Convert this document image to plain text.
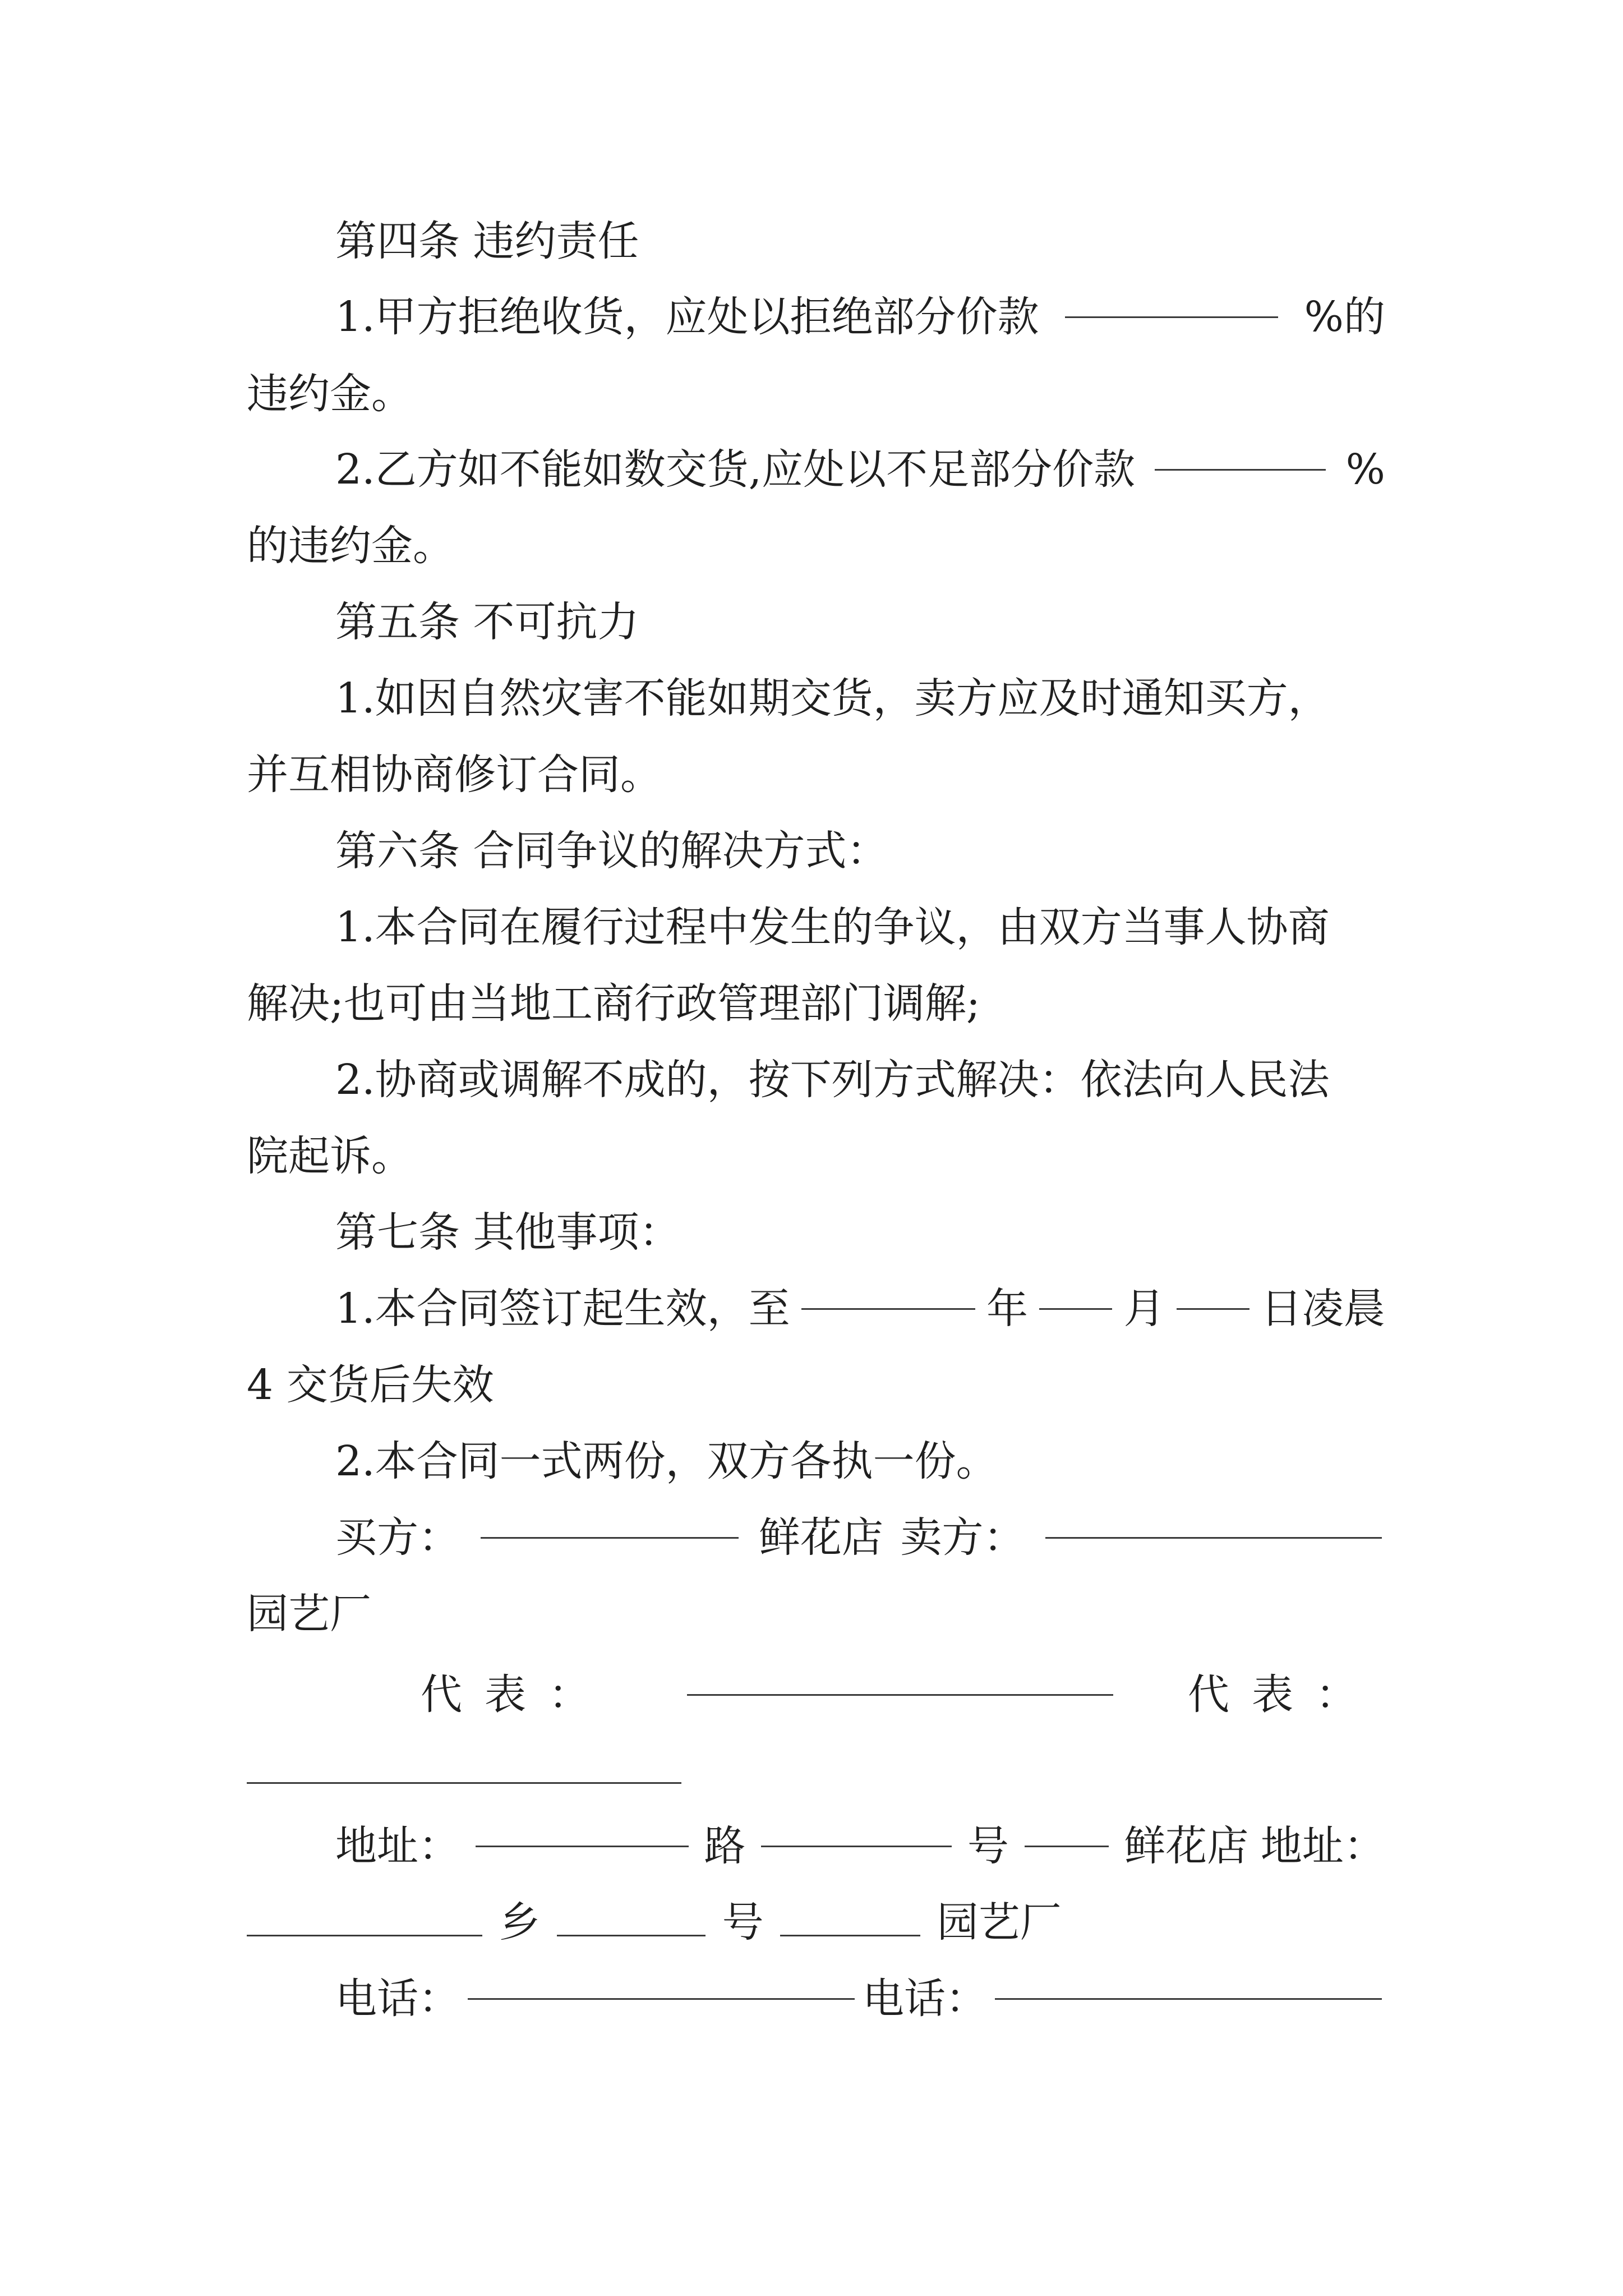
第四条 违约责任
1.甲方拒绝收货，应处以拒绝部分价款	%的
违约金。
2.乙方如不能如数交货,应处以不足部分价款	%
的违约金。
第五条 不可抗力
1.如因自然灾害不能如期交货，卖方应及时通知买方，
并互相协商修订合同。
第六条 合同争议的解决方式：
1.本合同在履行过程中发生的争议，由双方当事人协商
解决;也可由当地工商行政管理部门调解;
2.协商或调解不成的，按下列方式解决：依法向人民法
院起诉。
第七条 其他事项：
1.本合同签订起生效，至	年 月 日凌晨
4 交货后失效
2.本合同一式两份，双方各执一份。
买方：	鲜花店 卖方：
园艺厂
代表：	代表：
地址：	路	号	鲜花店 地址：
乡	号	园艺厂
电话：	电话：
